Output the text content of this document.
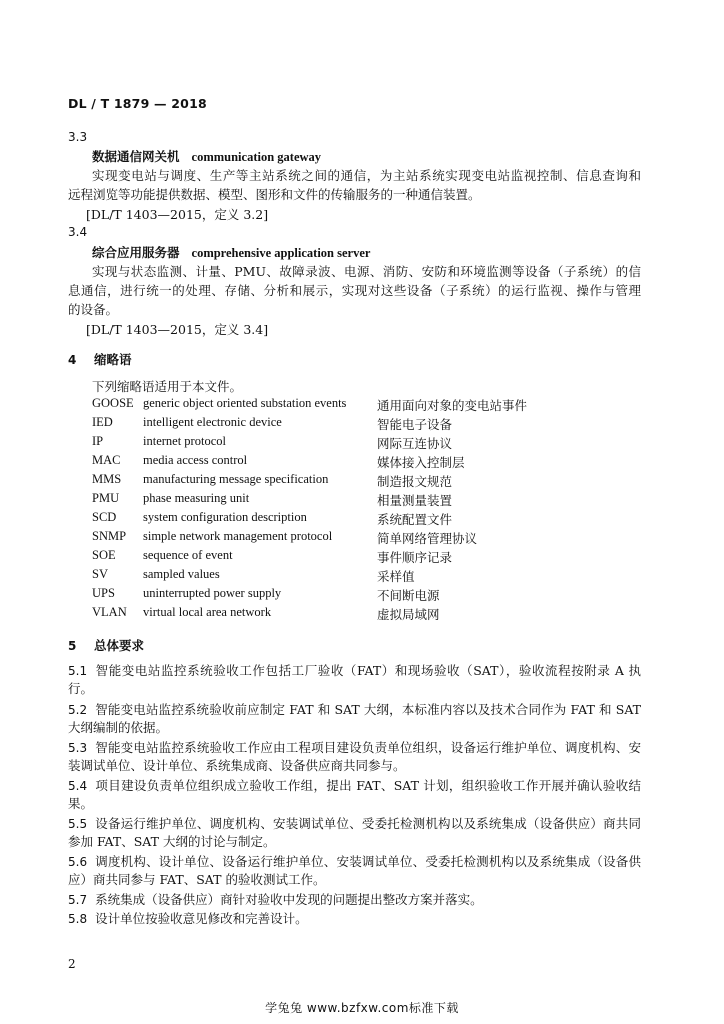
DL / T 1879 — 2018
3.3
数据通信网关机 communication gateway
实现变电站与调度、生产等主站系统之间的通信，为主站系统实现变电站监视控制、信息查询和
远程浏览等功能提供数据、模型、图形和文件的传输服务的一种通信装置。
[DL/T 1403—2015，定义 3.2]
3.4
综合应用服务器 comprehensive application server
实现与状态监测、计量、PMU、故障录波、电源、消防、安防和环境监测等设备（子系统）的信
息通信，进行统一的处理、存储、分析和展示，实现对这些设备（子系统）的运行监视、操作与管理
的设备。
[DL/T 1403—2015，定义 3.4]
4 缩略语
下列缩略语适用于本文件。
GOOSE generic object oriented substation events 通用面向对象的变电站事件
IED intelligent electronic device	智能电子设备
IP	internet protocol	网际互连协议
MAC media access control	媒体接入控制层
MMS manufacturing message specification	制造报文规范
PMU phase measuring unit	相量测量装置
SCD system configuration description	系统配置文件
SNMP simple network management protocol	简单网络管理协议
SOE sequence of event	事件顺序记录
SV	sampled values	采样值
UPS uninterrupted power supply	不间断电源
VLAN virtual local area network	虚拟局域网
5 总体要求
5.1 智能变电站监控系统验收工作包括工厂验收（FAT）和现场验收（SAT），验收流程按附录 A 执行。
5.2 智能变电站监控系统验收前应制定 FAT 和 SAT 大纲，本标准内容以及技术合同作为 FAT 和 SAT 大纲编制的依据。
5.3 智能变电站监控系统验收工作应由工程项目建设负责单位组织，设备运行维护单位、调度机构、安装调试单位、设计单位、系统集成商、设备供应商共同参与。
5.4 项目建设负责单位组织成立验收工作组，提出 FAT、SAT 计划，组织验收工作开展并确认验收结果。
5.5 设备运行维护单位、调度机构、安装调试单位、受委托检测机构以及系统集成（设备供应）商共同参加 FAT、SAT 大纲的讨论与制定。
5.6 调度机构、设计单位、设备运行维护单位、安装调试单位、受委托检测机构以及系统集成（设备供应）商共同参与 FAT、SAT 的验收测试工作。
5.7 系统集成（设备供应）商针对验收中发现的问题提出整改方案并落实。
5.8 设计单位按验收意见修改和完善设计。
2
学兔兔 www.bzfxw.com标准下载
